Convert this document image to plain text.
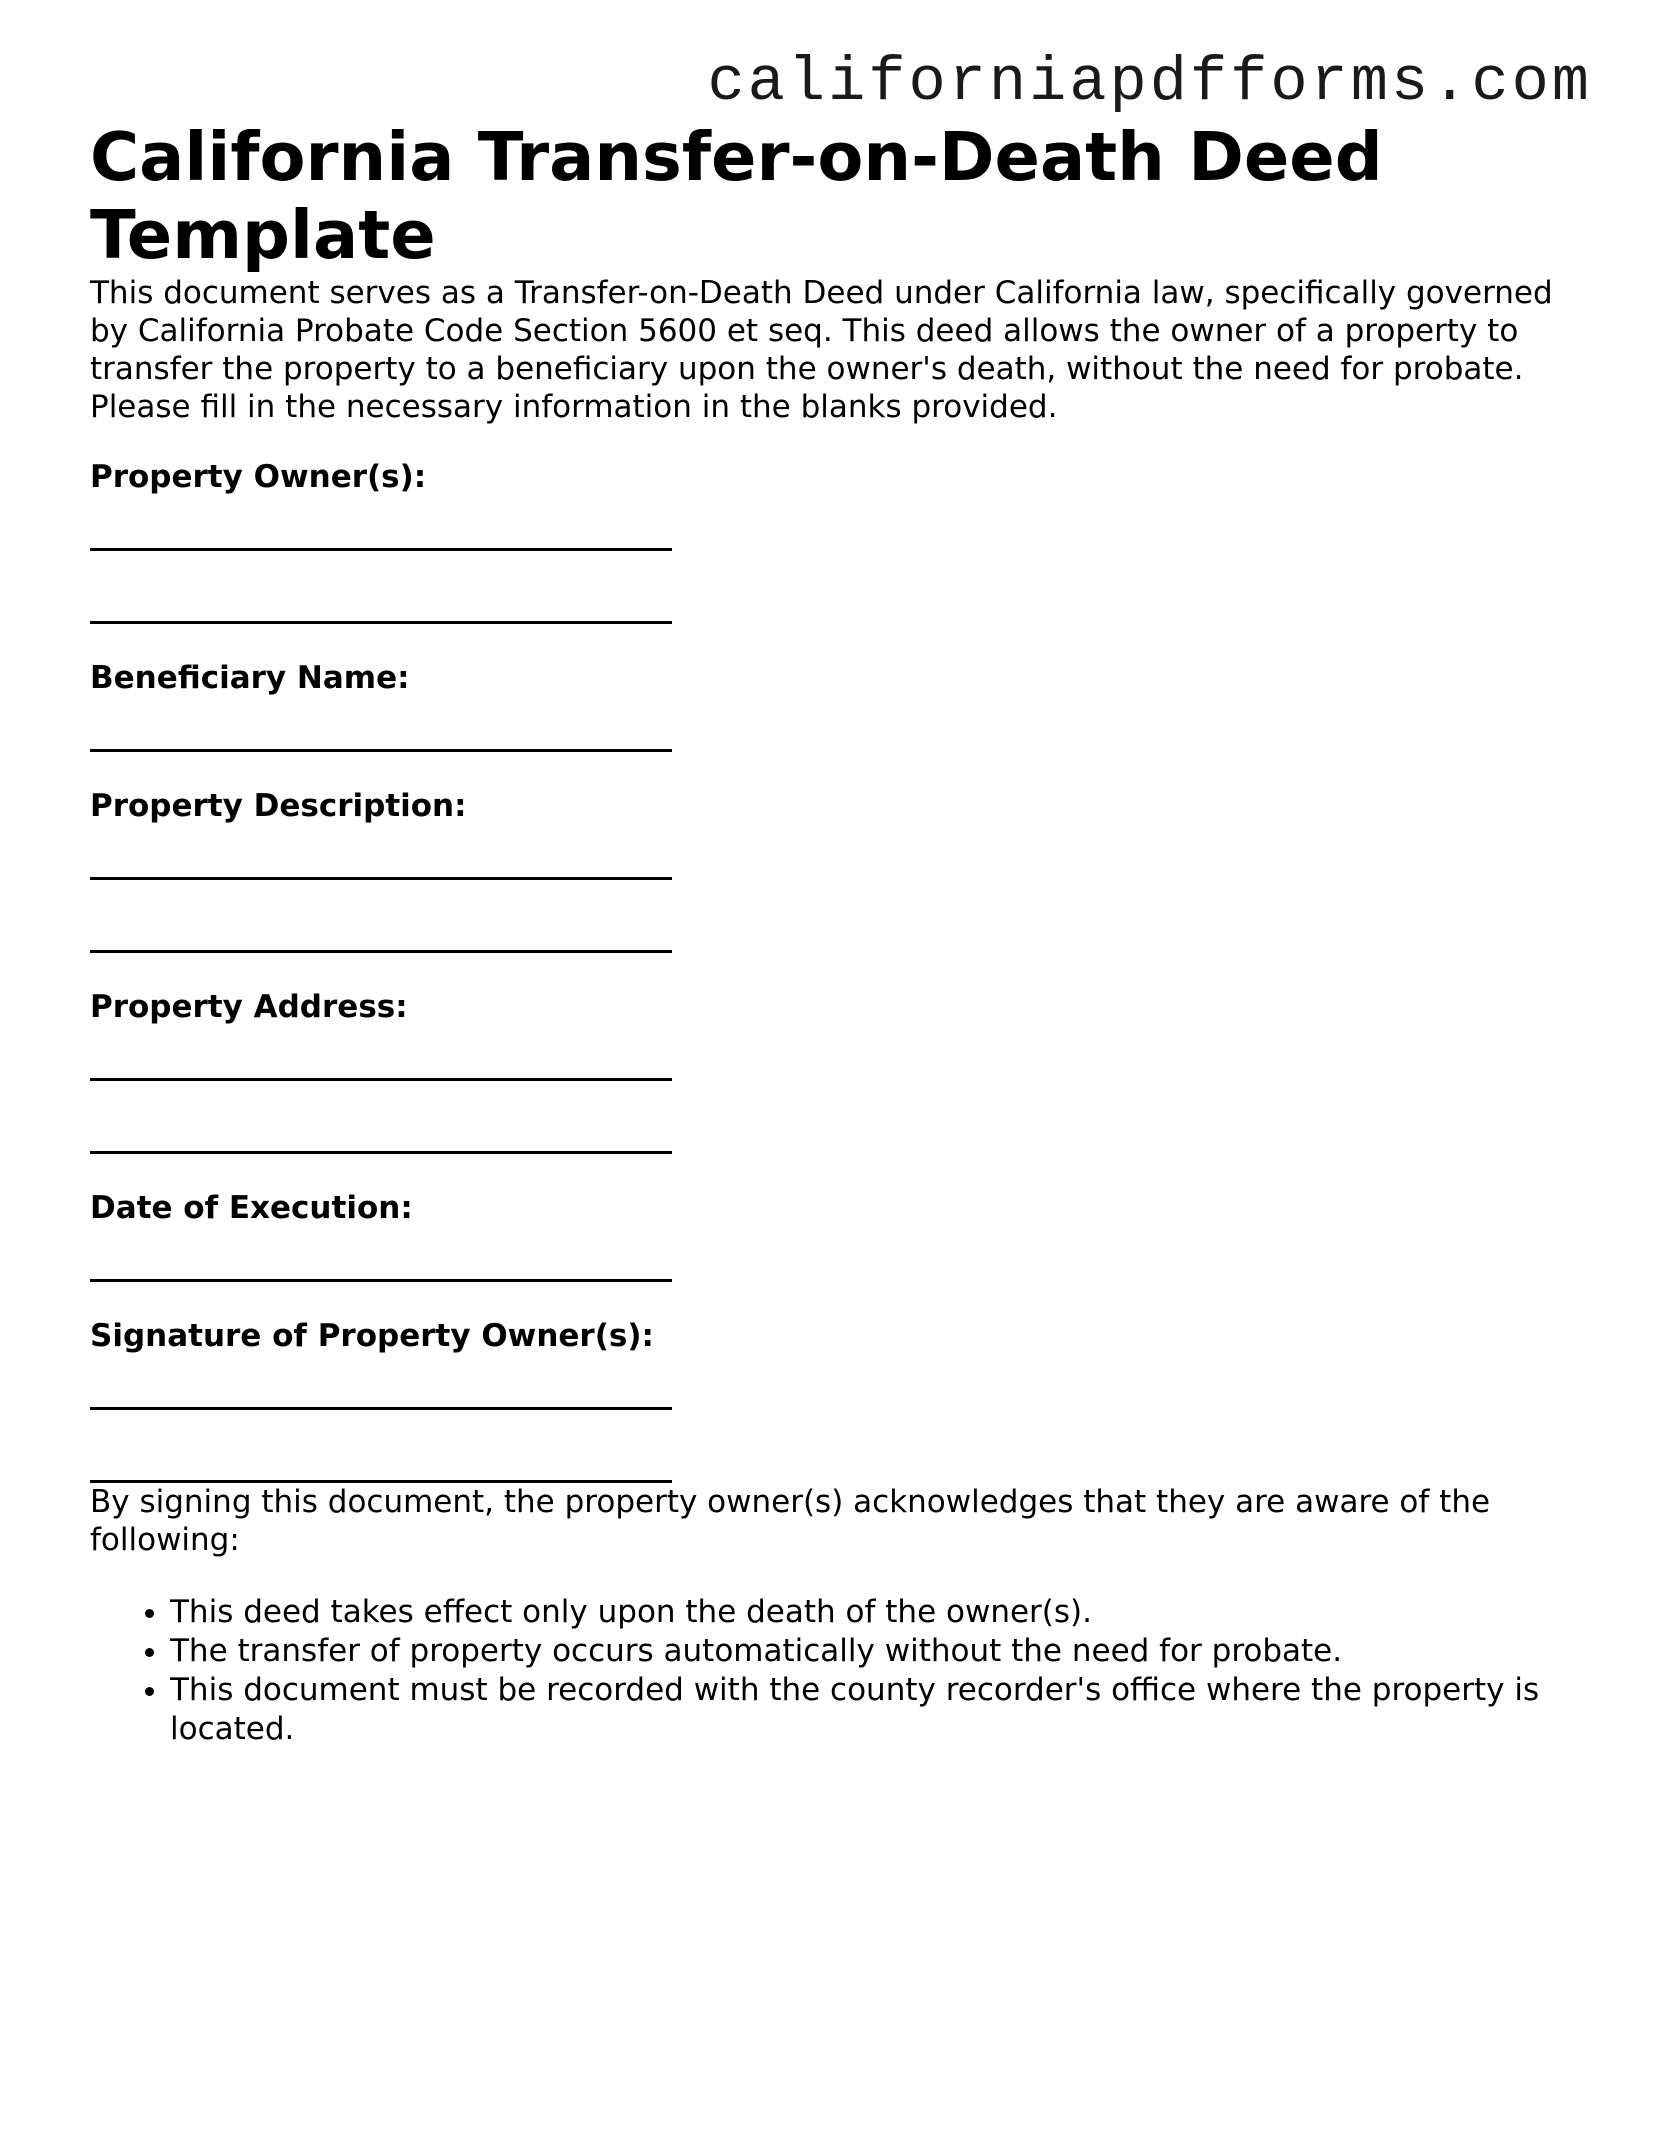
californiapdfforms.com
California Transfer-on-Death Deed Template

This document serves as a Transfer-on-Death Deed under California law, specifically governed by California Probate Code Section 5600 et seq. This deed allows the owner of a property to transfer the property to a beneficiary upon the owner's death, without the need for probate.

Please fill in the necessary information in the blanks provided.

Property Owner(s):
Beneficiary Name:
Property Description:
Property Address:
Date of Execution:
Signature of Property Owner(s):

By signing this document, the property owner(s) acknowledges that they are aware of the following:

• This deed takes effect only upon the death of the owner(s).
• The transfer of property occurs automatically without the need for probate.
• This document must be recorded with the county recorder's office where the property is located.
